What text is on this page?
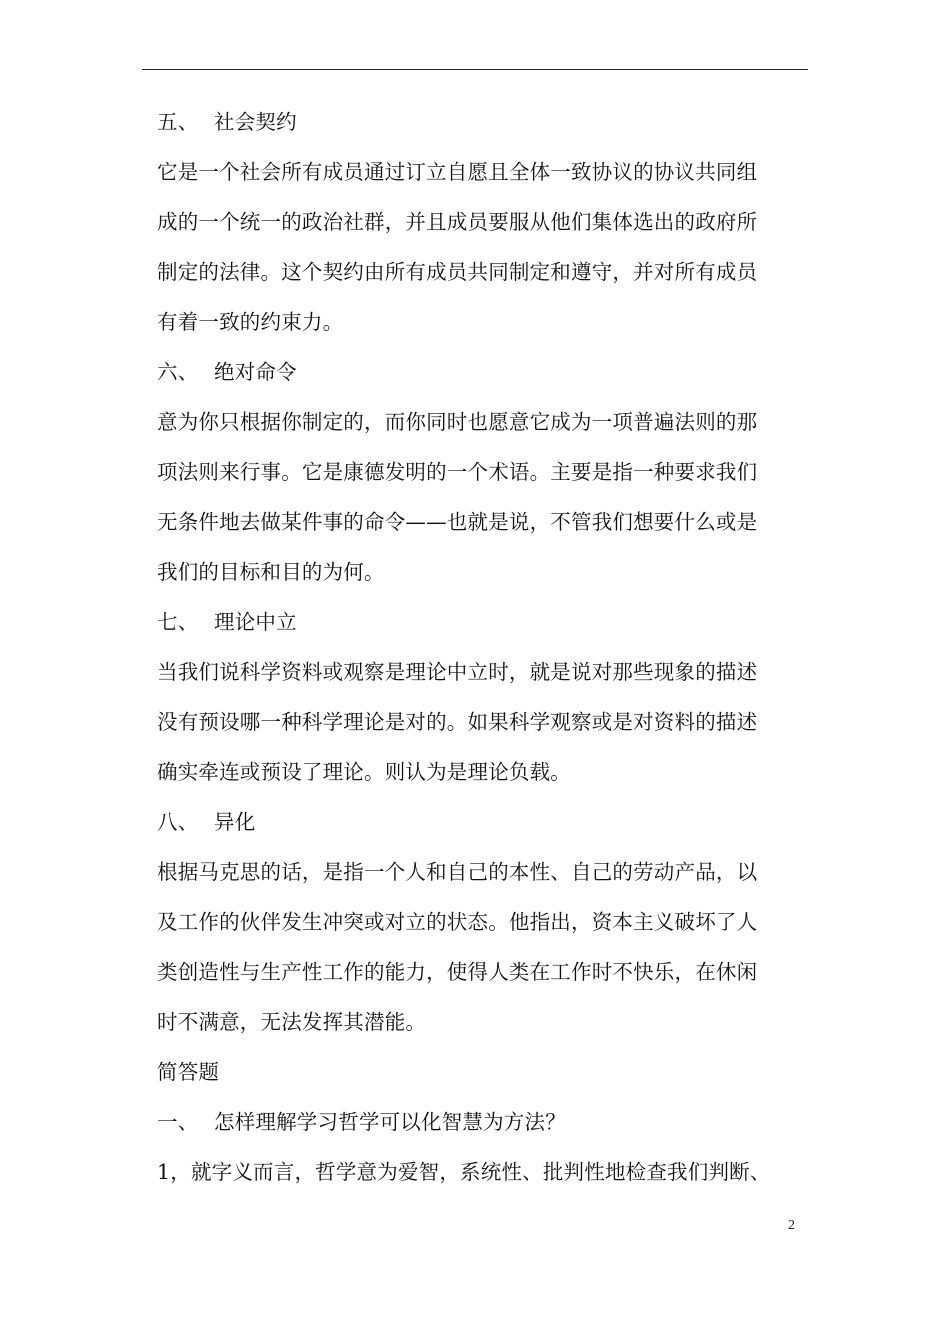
五、 社会契约
它是一个社会所有成员通过订立自愿且全体一致协议的协议共同组
成的一个统一的政治社群，并且成员要服从他们集体选出的政府所
制定的法律。这个契约由所有成员共同制定和遵守，并对所有成员
有着一致的约束力。
六、 绝对命令
意为你只根据你制定的，而你同时也愿意它成为一项普遍法则的那
项法则来行事。它是康德发明的一个术语。主要是指一种要求我们
无条件地去做某件事的命令——也就是说，不管我们想要什么或是
我们的目标和目的为何。
七、 理论中立
当我们说科学资料或观察是理论中立时，就是说对那些现象的描述
没有预设哪一种科学理论是对的。如果科学观察或是对资料的描述
确实牵连或预设了理论。则认为是理论负载。
八、 异化
根据马克思的话，是指一个人和自己的本性、自己的劳动产品，以
及工作的伙伴发生冲突或对立的状态。他指出，资本主义破坏了人
类创造性与生产性工作的能力，使得人类在工作时不快乐，在休闲
时不满意，无法发挥其潜能。
简答题
一、 怎样理解学习哲学可以化智慧为方法？
1，就字义而言，哲学意为爱智，系统性、批判性地检查我们判断、
2
